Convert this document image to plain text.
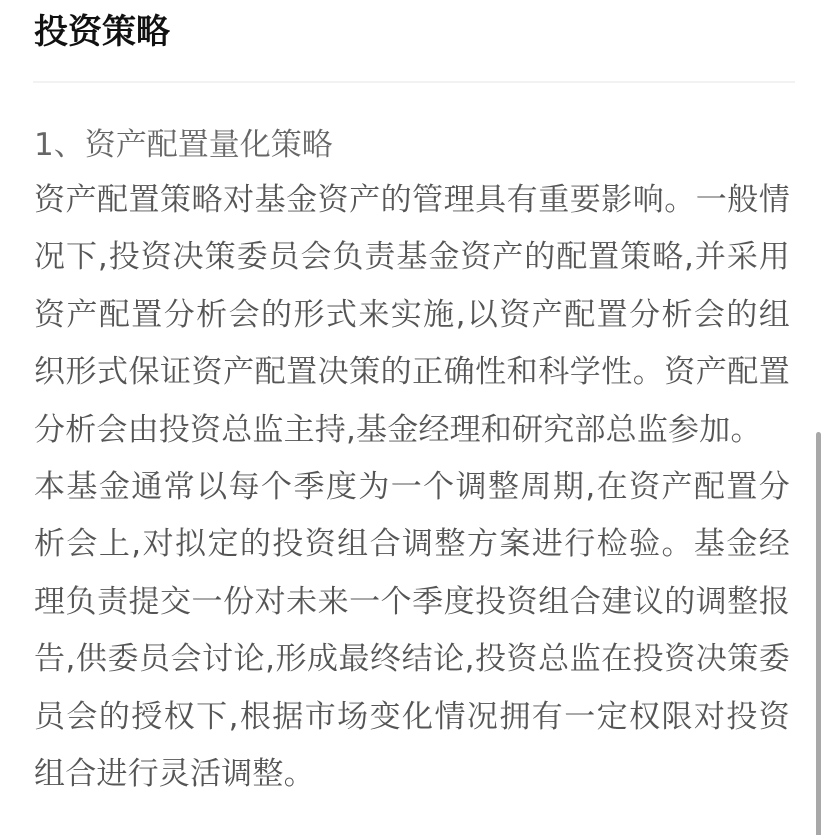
投资策略
1、资产配置量化策略

资产配置策略对基金资产的管理具有重要影响。一般情况下,投资决策委员会负责基金资产的配置策略,并采用资产配置分析会的形式来实施,以资产配置分析会的组织形式保证资产配置决策的正确性和科学性。资产配置分析会由投资总监主持,基金经理和研究部总监参加。

本基金通常以每个季度为一个调整周期,在资产配置分析会上,对拟定的投资组合调整方案进行检验。基金经理负责提交一份对未来一个季度投资组合建议的调整报告,供委员会讨论,形成最终结论,投资总监在投资决策委员会的授权下,根据市场变化情况拥有一定权限对投资组合进行灵活调整。
